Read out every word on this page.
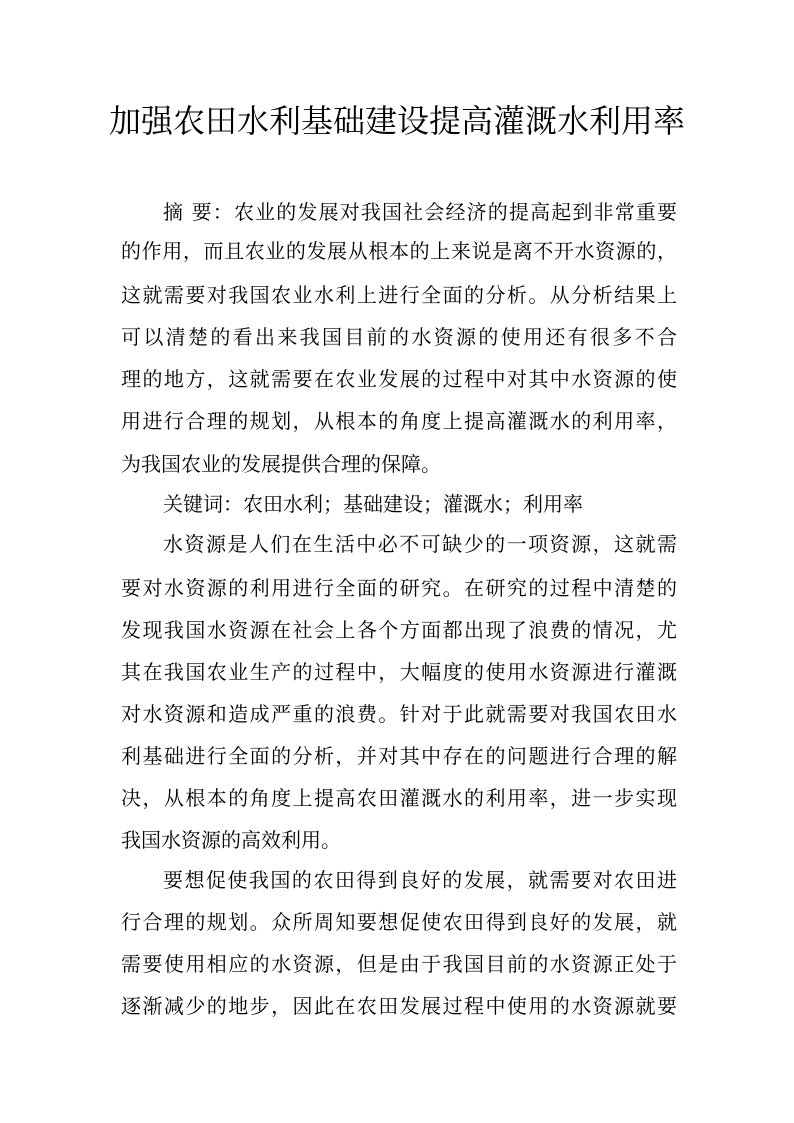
加强农田水利基础建设提高灌溉水利用率
摘 要：农业的发展对我国社会经济的提高起到非常重要
的作用，而且农业的发展从根本的上来说是离不开水资源的，
这就需要对我国农业水利上进行全面的分析。从分析结果上
可以清楚的看出来我国目前的水资源的使用还有很多不合
理的地方，这就需要在农业发展的过程中对其中水资源的使
用进行合理的规划，从根本的角度上提高灌溉水的利用率，
为我国农业的发展提供合理的保障。
关键词：农田水利；基础建设；灌溉水；利用率
水资源是人们在生活中必不可缺少的一项资源，这就需
要对水资源的利用进行全面的研究。在研究的过程中清楚的
发现我国水资源在社会上各个方面都出现了浪费的情况，尤
其在我国农业生产的过程中，大幅度的使用水资源进行灌溉
对水资源和造成严重的浪费。针对于此就需要对我国农田水
利基础进行全面的分析，并对其中存在的问题进行合理的解
决，从根本的角度上提高农田灌溉水的利用率，进一步实现
我国水资源的高效利用。
要想促使我国的农田得到良好的发展，就需要对农田进
行合理的规划。众所周知要想促使农田得到良好的发展，就
需要使用相应的水资源，但是由于我国目前的水资源正处于
逐渐减少的地步，因此在农田发展过程中使用的水资源就要
